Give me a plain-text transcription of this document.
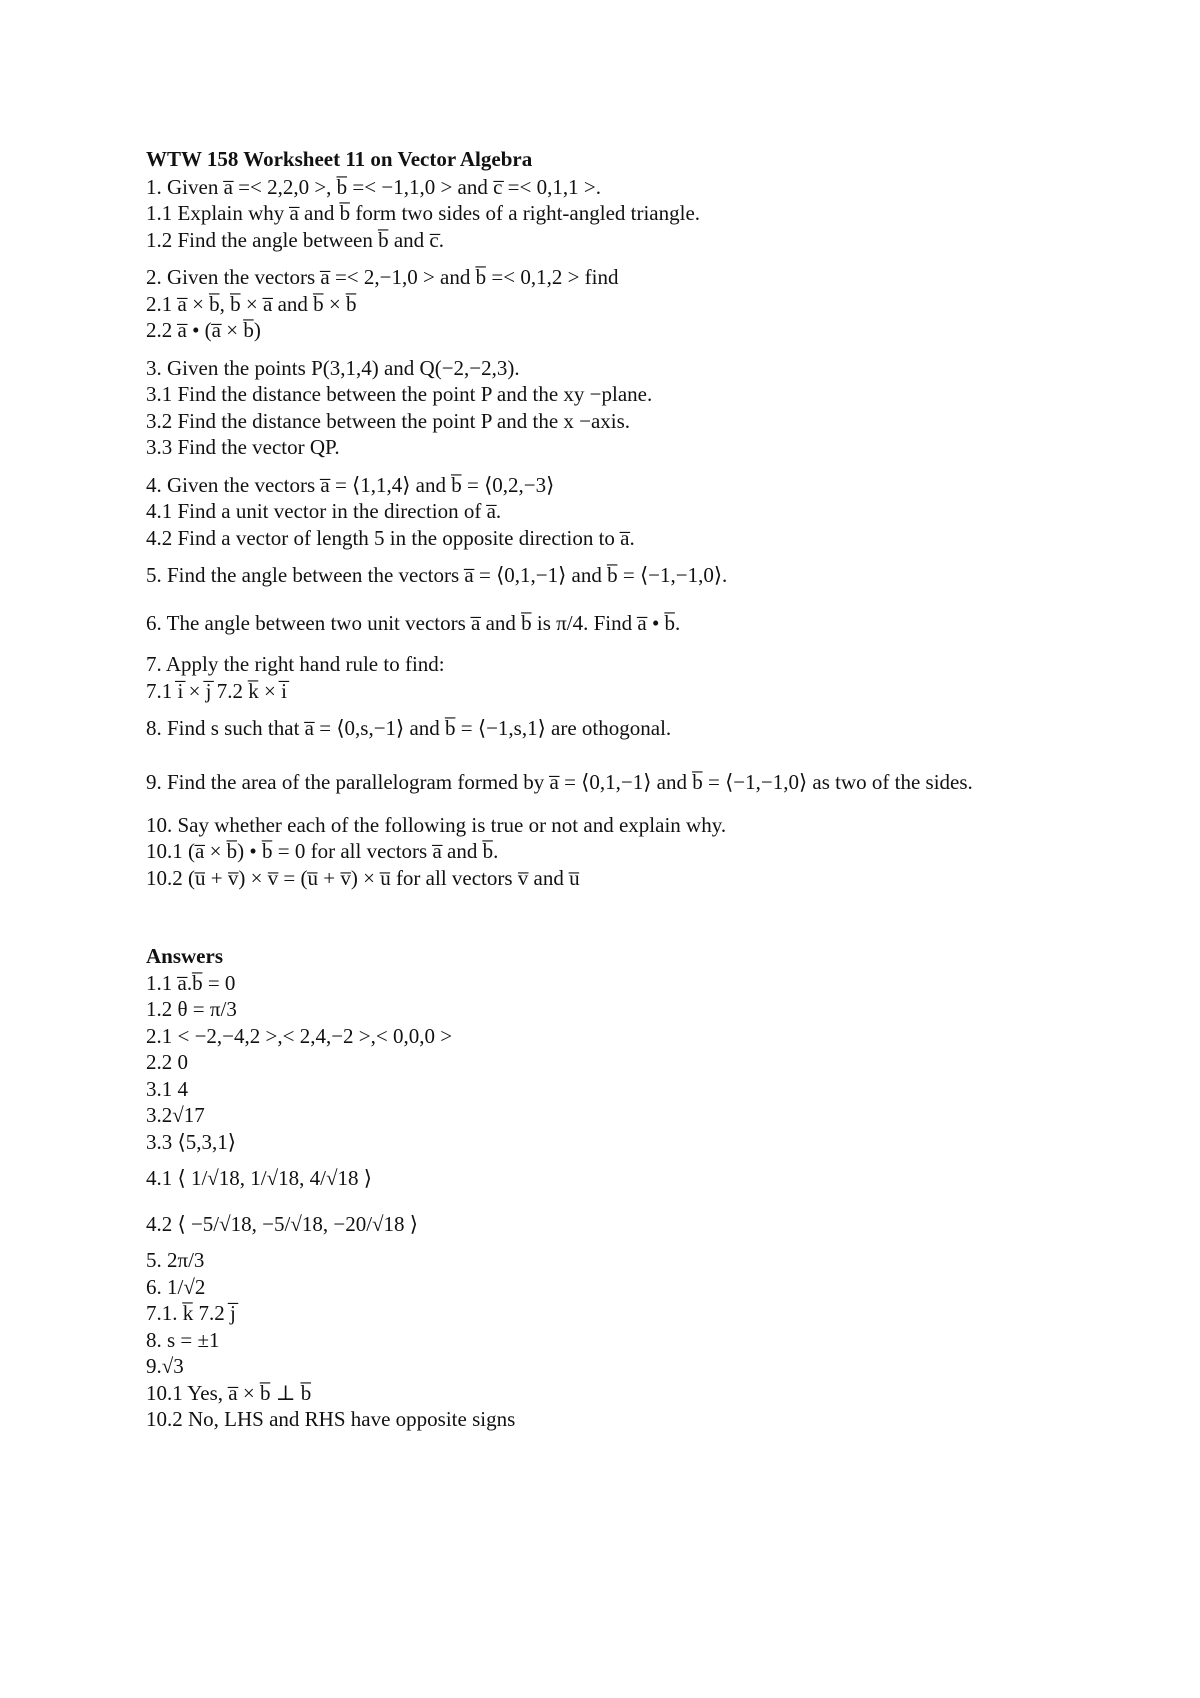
WTW 158 Worksheet 11 on Vector Algebra
1. Given a̅ =< 2,2,0 >, b̅ =< −1,1,0 > and c̅ =< 0,1,1 >.
1.1 Explain why a̅ and b̅ form two sides of a right-angled triangle.
1.2 Find the angle between b̅ and c̅.
2. Given the vectors a̅ =< 2,−1,0 > and b̅ =< 0,1,2 > find
2.1 a̅ × b̅, b̅ × a̅ and b̅ × b̅
2.2 a̅ • (a̅ × b̅)
3. Given the points P(3,1,4) and Q(−2,−2,3).
3.1 Find the distance between the point P and the xy −plane.
3.2 Find the distance between the point P and the x −axis.
3.3 Find the vector QP.
4. Given the vectors a̅ = ⟨1,1,4⟩ and b̅ = ⟨0,2,−3⟩
4.1 Find a unit vector in the direction of a̅.
4.2 Find a vector of length 5 in the opposite direction to a̅.
5. Find the angle between the vectors a̅ = ⟨0,1,−1⟩ and b̅ = ⟨−1,−1,0⟩.
6. The angle between two unit vectors a̅ and b̅ is π/4. Find a̅ • b̅.
7. Apply the right hand rule to find:
7.1 i̅ × j̅ 7.2 k̅ × i̅
8. Find s such that a̅ = ⟨0,s,−1⟩ and b̅ = ⟨−1,s,1⟩ are othogonal.
9. Find the area of the parallelogram formed by a̅ = ⟨0,1,−1⟩ and b̅ = ⟨−1,−1,0⟩ as two of the sides.
10. Say whether each of the following is true or not and explain why.
10.1 (a̅ × b̅) • b̅ = 0 for all vectors a̅ and b̅.
10.2 (u̅ + v̅) × v̅ = (u̅ + v̅) × u̅ for all vectors v̅ and u̅
Answers
1.1 a̅.b̅ = 0
1.2 θ = π/3
2.1 < −2,−4,2 >,< 2,4,−2 >,< 0,0,0 >
2.2 0
3.1 4
3.2√17
3.3 ⟨5,3,1⟩
4.1 ⟨ 1/√18, 1/√18, 4/√18 ⟩
4.2 ⟨ −5/√18, −5/√18, −20/√18 ⟩
5. 2π/3
6. 1/√2
7.1. k̅ 7.2 j̅
8. s = ±1
9.√3
10.1 Yes, a̅ × b̅ ⊥ b̅
10.2 No, LHS and RHS have opposite signs
